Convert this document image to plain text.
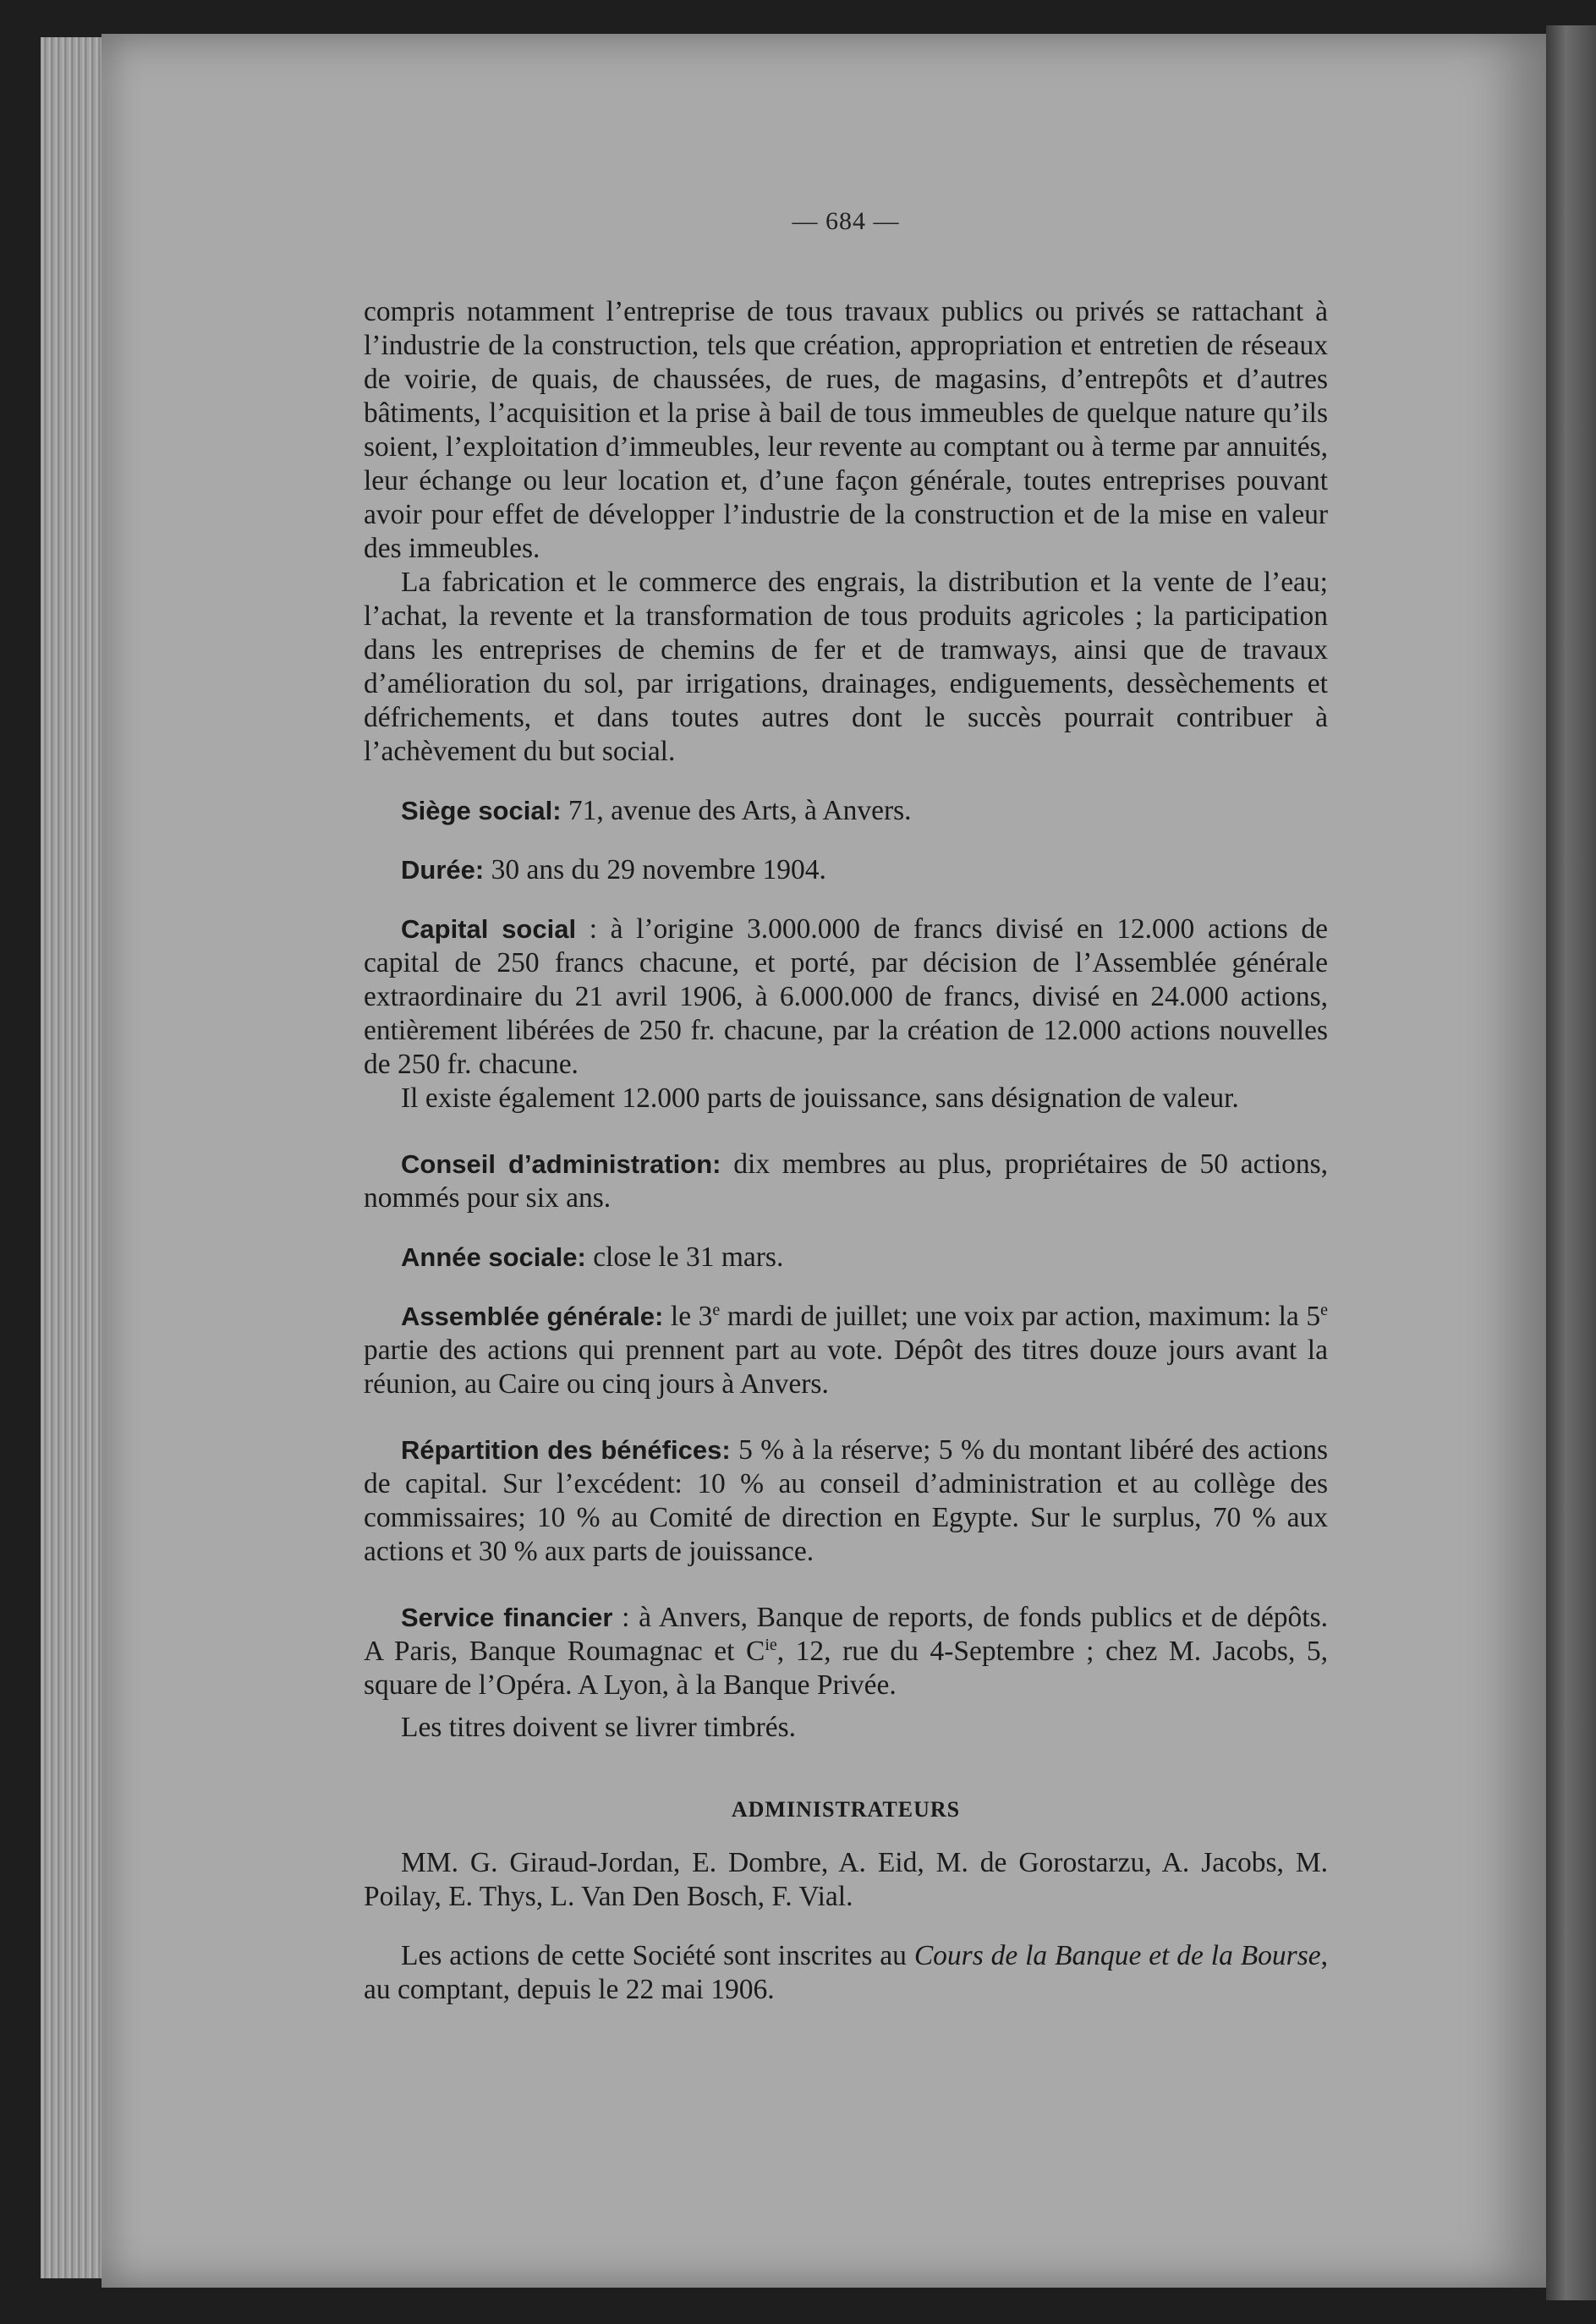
— 684 —

compris notamment l’entreprise de tous travaux publics ou privés se rattachant à l’industrie de la construction, tels que création, appropriation et entretien de réseaux de voirie, de quais, de chaussées, de rues, de magasins, d’entrepôts et d’autres bâtiments, l’acquisition et la prise à bail de tous immeubles de quelque nature qu’ils soient, l’exploitation d’immeubles, leur revente au comptant ou à terme par annuités, leur échange ou leur location et, d’une façon générale, toutes entreprises pouvant avoir pour effet de développer l’industrie de la construction et de la mise en valeur des immeubles.

La fabrication et le commerce des engrais, la distribution et la vente de l’eau; l’achat, la revente et la transformation de tous produits agricoles ; la participation dans les entreprises de chemins de fer et de tramways, ainsi que de travaux d’amélioration du sol, par irrigations, drainages, endiguements, dessèchements et défrichements, et dans toutes autres dont le succès pourrait contribuer à l’achèvement du but social.

Siège social: 71, avenue des Arts, à Anvers.

Durée: 30 ans du 29 novembre 1904.

Capital social : à l’origine 3.000.000 de francs divisé en 12.000 actions de capital de 250 francs chacune, et porté, par décision de l’Assemblée générale extraordinaire du 21 avril 1906, à 6.000.000 de francs, divisé en 24.000 actions, entièrement libérées de 250 fr. chacune, par la création de 12.000 actions nouvelles de 250 fr. chacune.

Il existe également 12.000 parts de jouissance, sans désignation de valeur.

Conseil d’administration: dix membres au plus, propriétaires de 50 actions, nommés pour six ans.

Année sociale: close le 31 mars.

Assemblée générale: le 3e mardi de juillet; une voix par action, maximum: la 5e partie des actions qui prennent part au vote. Dépôt des titres douze jours avant la réunion, au Caire ou cinq jours à Anvers.

Répartition des bénéfices: 5 % à la réserve; 5 % du montant libéré des actions de capital. Sur l’excédent: 10 % au conseil d’administration et au collège des commissaires; 10 % au Comité de direction en Egypte. Sur le surplus, 70 % aux actions et 30 % aux parts de jouissance.

Service financier : à Anvers, Banque de reports, de fonds publics et de dépôts. A Paris, Banque Roumagnac et $C^{ie}$, 12, rue du 4-Septembre ; chez M. Jacobs, 5, square de l’Opéra. A Lyon, à la Banque Privée.

Les titres doivent se livrer timbrés.

ADMINISTRATEURS

MM. G. Giraud-Jordan, E. Dombre, A. Eid, M. de Gorostarzu, A. Jacobs, M. Poilay, E. Thys, L. Van Den Bosch, F. Vial.

Les actions de cette Société sont inscrites au Cours de la Banque et de la Bourse, au comptant, depuis le 22 mai 1906.
